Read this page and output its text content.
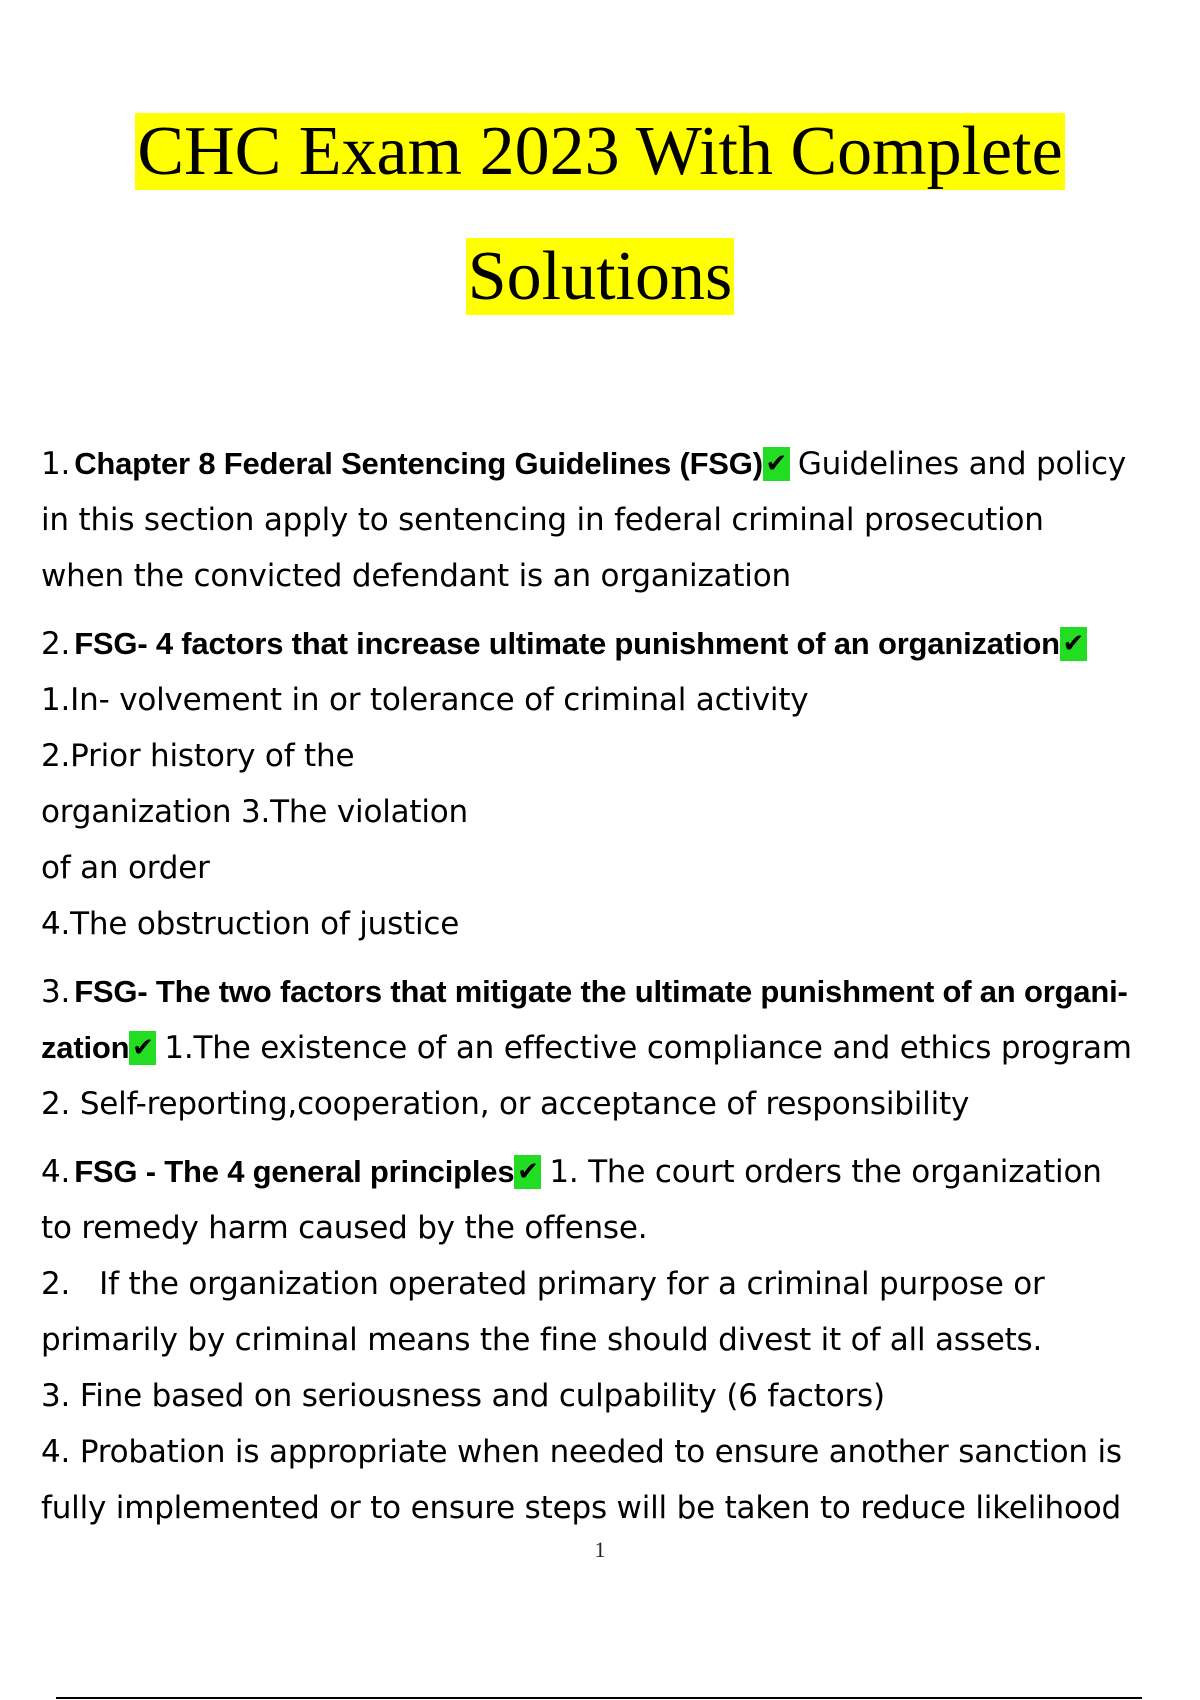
CHC Exam 2023 With Complete
Solutions

1. Chapter 8 Federal Sentencing Guidelines (FSG) ✔ Guidelines and policy

in this section apply to sentencing in federal criminal prosecution

when the convicted defendant is an organization

2. FSG- 4 factors that increase ultimate punishment of an organization ✔

1.In- volvement in or tolerance of criminal activity

2.Prior history of the

organization 3.The violation

of an order

4.The obstruction of justice

3. FSG- The two factors that mitigate the ultimate punishment of an organi-

zation ✔ 1.The existence of an effective compliance and ethics program

2. Self-reporting,cooperation, or acceptance of responsibility

4. FSG - The 4 general principles ✔ 1. The court orders the organization

to remedy harm caused by the offense.

2.   If the organization operated primary for a criminal purpose or

primarily by criminal means the fine should divest it of all assets.

3. Fine based on seriousness and culpability (6 factors)

4. Probation is appropriate when needed to ensure another sanction is

fully implemented or to ensure steps will be taken to reduce likelihood

1
